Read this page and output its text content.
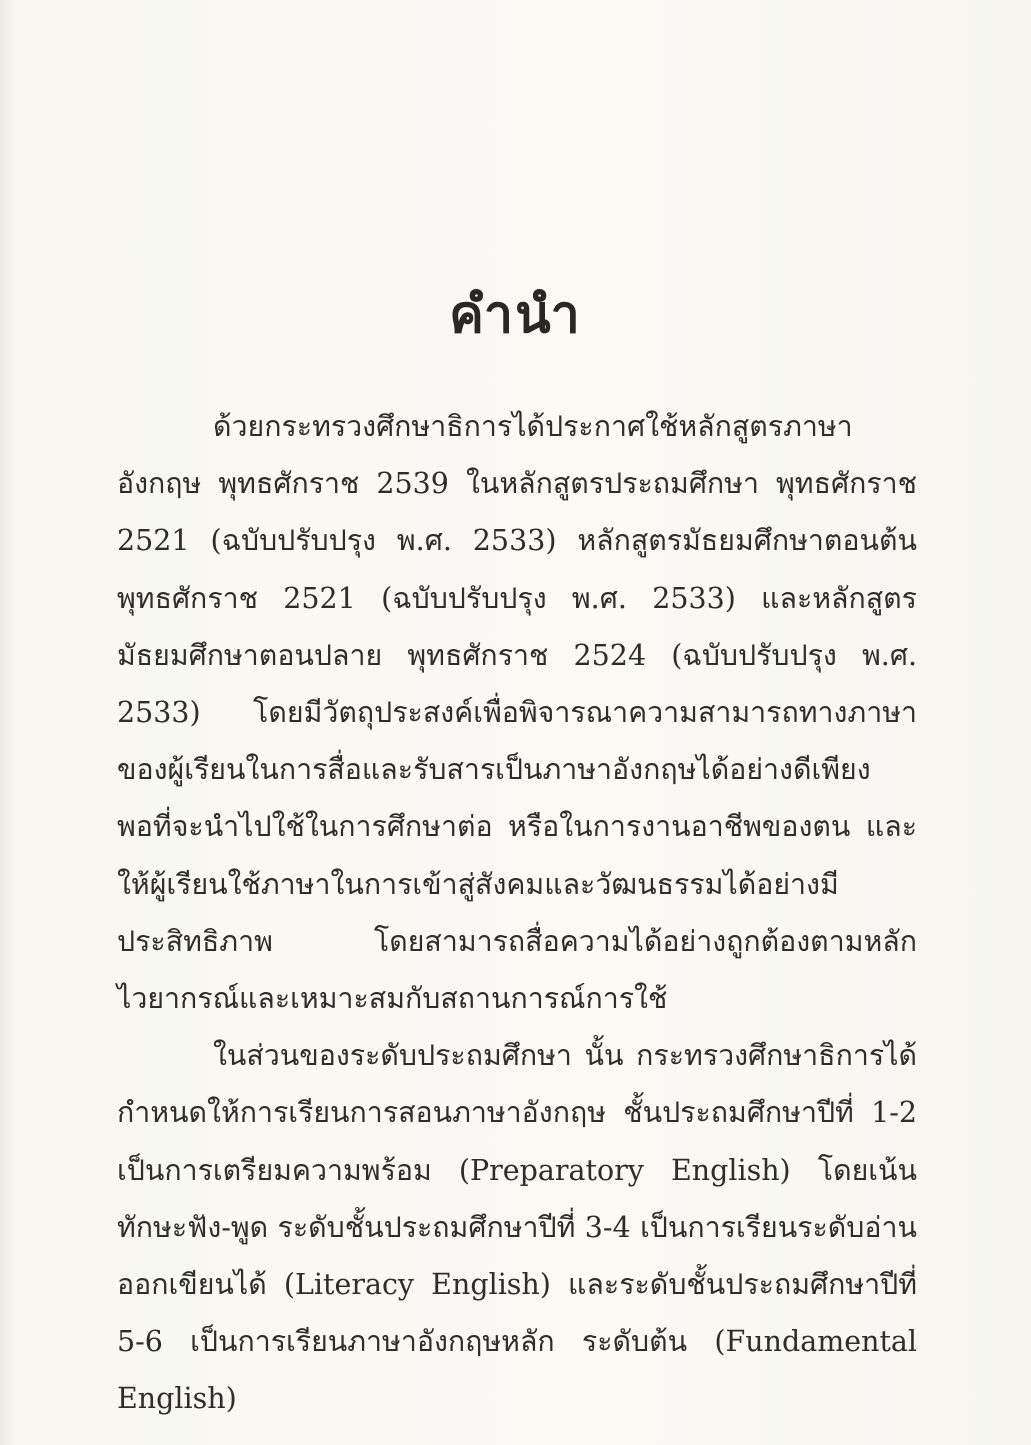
คำนำ

ด้วยกระทรวงศึกษาธิการได้ประกาศใช้หลักสูตรภาษาอังกฤษ พุทธศักราช 2539 ในหลักสูตรประถมศึกษา พุทธศักราช 2521 (ฉบับปรับปรุง พ.ศ. 2533) หลักสูตรมัธยมศึกษาตอนต้น พุทธศักราช 2521 (ฉบับปรับปรุง พ.ศ. 2533) และหลักสูตรมัธยมศึกษาตอนปลาย พุทธศักราช 2524 (ฉบับปรับปรุง พ.ศ. 2533) โดยมีวัตถุประสงค์เพื่อพิจารณาความสามารถทางภาษาของผู้เรียนในการสื่อและรับสารเป็นภาษาอังกฤษได้อย่างดีเพียงพอที่จะนำไปใช้ในการศึกษาต่อ หรือในการงานอาชีพของตน และให้ผู้เรียนใช้ภาษาในการเข้าสู่สังคมและวัฒนธรรมได้อย่างมีประสิทธิภาพ โดยสามารถสื่อความได้อย่างถูกต้องตามหลักไวยากรณ์และเหมาะสมกับสถานการณ์การใช้

ในส่วนของระดับประถมศึกษา นั้น กระทรวงศึกษาธิการได้กำหนดให้การเรียนการสอนภาษาอังกฤษ ชั้นประถมศึกษาปีที่ 1-2 เป็นการเตรียมความพร้อม (Preparatory English) โดยเน้นทักษะฟัง-พูด ระดับชั้นประถมศึกษาปีที่ 3-4 เป็นการเรียนระดับอ่านออกเขียนได้ (Literacy English) และระดับชั้นประถมศึกษาปีที่ 5-6 เป็นการเรียนภาษาอังกฤษหลัก ระดับต้น (Fundamental English)
